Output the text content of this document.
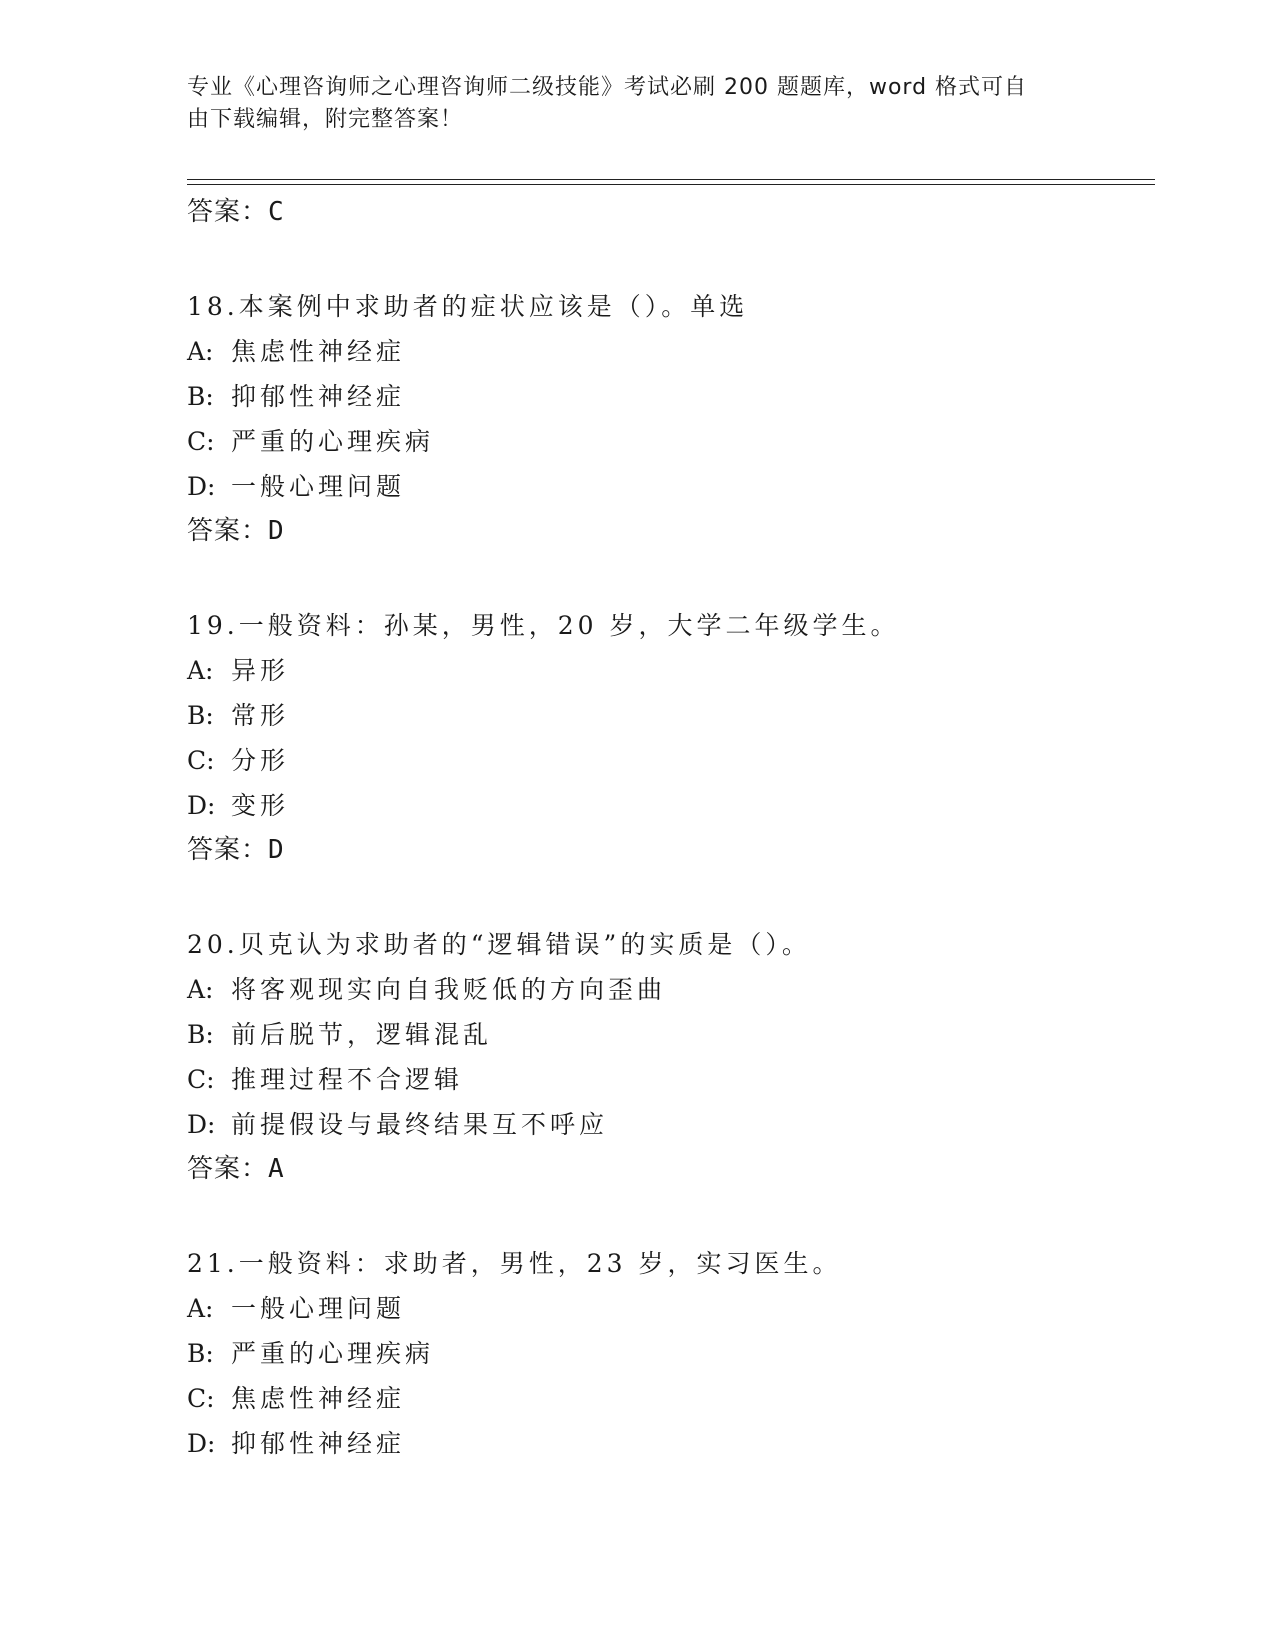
专业《心理咨询师之心理咨询师二级技能》考试必刷 200 题题库，word 格式可自
由下载编辑，附完整答案！
答案：C
18.本案例中求助者的症状应该是（）。单选
A: 焦虑性神经症
B: 抑郁性神经症
C: 严重的心理疾病
D: 一般心理问题
答案：D
19.一般资料：孙某，男性，20 岁，大学二年级学生。
A: 异形
B: 常形
C: 分形
D: 变形
答案：D
20.贝克认为求助者的“逻辑错误”的实质是（）。
A: 将客观现实向自我贬低的方向歪曲
B: 前后脱节，逻辑混乱
C: 推理过程不合逻辑
D: 前提假设与最终结果互不呼应
答案：A
21.一般资料：求助者，男性，23 岁，实习医生。
A: 一般心理问题
B: 严重的心理疾病
C: 焦虑性神经症
D: 抑郁性神经症
